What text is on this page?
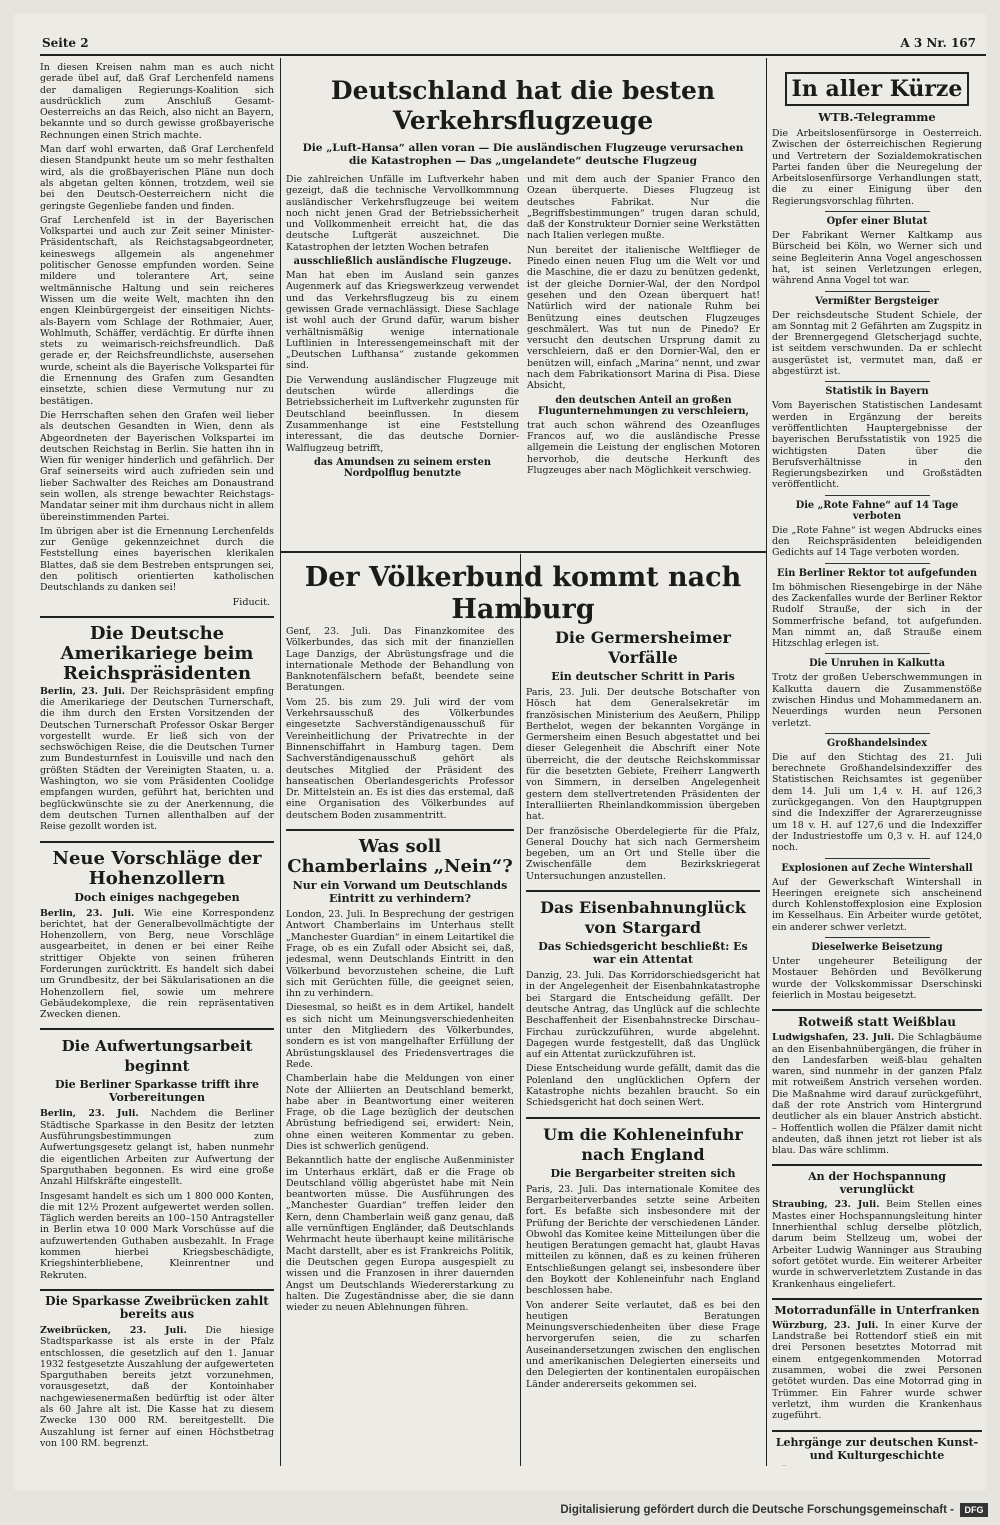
Seite 2	A 3 Nr. 167

In diesen Kreisen nahm man es auch nicht gerade übel auf, daß Graf Lerchenfeld namens der damaligen Regierungs-Koalition sich ausdrücklich zum Anschluß Gesamt-Oesterreichs an das Reich, also nicht an Bayern, bekannte und so durch gewisse großbayerische Rechnungen einen Strich machte.

Man darf wohl erwarten, daß Graf Lerchenfeld diesen Standpunkt heute um so mehr festhalten wird, als die großbayerischen Pläne nun doch als abgetan gelten können, trotzdem, weil sie bei den Deutsch-Oesterreichern nicht die geringste Gegenliebe fanden und finden.

Graf Lerchenfeld ist in der Bayerischen Volkspartei und auch zur Zeit seiner Minister-Präsidentschaft, als Reichstagsabgeordneter, keineswegs allgemein als angenehmer politischer Genosse empfunden worden. Seine mildere und tolerantere Art, seine weltmännische Haltung und sein reicheres Wissen um die weite Welt, machten ihn den engen Kleinbürgergeist der einseitigen Nichts-als-Bayern vom Schlage der Rothmaier, Auer, Wohlmuth, Schäffer, verdächtig. Er dürfte ihnen stets zu weimarisch-reichsfreundlich. Daß gerade er, der Reichsfreundlichste, ausersehen wurde, scheint als die Bayerische Volkspartei für die Ernennung des Grafen zum Gesandten einsetzte, schien diese Vermutung nur zu bestätigen.

Die Herrschaften sehen den Grafen weil lieber als deutschen Gesandten in Wien, denn als Abgeordneten der Bayerischen Volkspartei im deutschen Reichstag in Berlin. Sie hatten ihn in Wien für weniger hinderlich und gefährlich. Der Graf seinerseits wird auch zufrieden sein und lieber Sachwalter des Reiches am Donaustrand sein wollen, als strenge bewachter Reichstags-Mandatar seiner mit ihm durchaus nicht in allem übereinstimmenden Partei.

Im übrigen aber ist die Ernennung Lerchenfelds zur Genüge gekennzeichnet durch die Feststellung eines bayerischen klerikalen Blattes, daß sie dem Bestreben entsprungen sei, den politisch orientierten katholischen Deutschlands zu danken sei!

Fiducit.
Die Deutsche Amerikariege beim Reichspräsidenten

Berlin, 23. Juli. Der Reichspräsident empfing die Amerikariege der Deutschen Turnerschaft, die ihm durch den Ersten Vorsitzenden der Deutschen Turnerschaft Professor Oskar Berger vorgestellt wurde. Er ließ sich von der sechswöchigen Reise, die die Deutschen Turner zum Bundesturnfest in Louisville und nach den größten Städten der Vereinigten Staaten, u. a. Washington, wo sie vom Präsidenten Coolidge empfangen wurden, geführt hat, berichten und beglückwünschte sie zu der Anerkennung, die dem deutschen Turnen allenthalben auf der Reise gezollt worden ist.

Neue Vorschläge der Hohenzollern
Doch einiges nachgegeben

Berlin, 23. Juli. Wie eine Korrespondenz berichtet, hat der Generalbevollmächtigte der Hohenzollern, von Berg, neue Vorschläge ausgearbeitet, in denen er bei einer Reihe strittiger Objekte von seinen früheren Forderungen zurücktritt. Es handelt sich dabei um Grundbesitz, der bei Säkularisationen an die Hohenzollern fiel, sowie um mehrere Gebäudekomplexe, die rein repräsentativen Zwecken dienen.

Die Aufwertungsarbeit beginnt
Die Berliner Sparkasse trifft ihre Vorbereitungen

Berlin, 23. Juli. Nachdem die Berliner Städtische Sparkasse in den Besitz der letzten Ausführungsbestimmungen zum Aufwertungsgesetz gelangt ist, haben nunmehr die eigentlichen Arbeiten zur Aufwertung der Sparguthaben begonnen. Es wird eine große Anzahl Hilfskräfte eingestellt.

Insgesamt handelt es sich um 1 800 000 Konten, die mit 12½ Prozent aufgewertet werden sollen. Täglich werden bereits an 100–150 Antragsteller in Berlin etwa 10 000 Mark Vorschüsse auf die aufzuwertenden Guthaben ausbezahlt. In Frage kommen hierbei Kriegsbeschädigte, Kriegshinterbliebene, Kleinrentner und Rekruten.

Die Sparkasse Zweibrücken zahlt bereits aus

Zweibrücken, 23. Juli. Die hiesige Stadtsparkasse ist als erste in der Pfalz entschlossen, die gesetzlich auf den 1. Januar 1932 festgesetzte Auszahlung der aufgewerteten Sparguthaben bereits jetzt vorzunehmen, vorausgesetzt, daß der Kontoinhaber nachgewiesenermaßen bedürftig ist oder älter als 60 Jahre alt ist. Die Kasse hat zu diesem Zwecke 130 000 RM. bereitgestellt. Die Auszahlung ist ferner auf einen Höchstbetrag von 100 RM. begrenzt.

Deutschland hat die besten Verkehrsflugzeuge
Die „Luft-Hansa“ allen voran — Die ausländischen Flugzeuge verursachen die Katastrophen — Das „ungelandete“ deutsche Flugzeug

Die zahlreichen Unfälle im Luftverkehr haben gezeigt, daß die technische Vervollkommnung ausländischer Verkehrsflugzeuge bei weitem noch nicht jenen Grad der Betriebssicherheit und Vollkommenheit erreicht hat, die das deutsche Luftgerät auszeichnet. Die Katastrophen der letzten Wochen betrafen

ausschließlich ausländische Flugzeuge.

Man hat eben im Ausland sein ganzes Augenmerk auf das Kriegswerkzeug verwendet und das Verkehrsflugzeug bis zu einem gewissen Grade vernachlässigt. Diese Sachlage ist wohl auch der Grund dafür, warum bisher verhältnismäßig wenige internationale Luftlinien in Interessengemeinschaft mit der „Deutschen Lufthansa“ zustande gekommen sind.

Die Verwendung ausländischer Flugzeuge mit deutschen würde allerdings die Betriebssicherheit im Luftverkehr zugunsten für Deutschland beeinflussen. In diesem Zusammenhange ist eine Feststellung interessant, die das deutsche Dornier-Walflugzeug betrifft,

das Amundsen zu seinem ersten Nordpolflug benutzte

und mit dem auch der Spanier Franco den Ozean überquerte. Dieses Flugzeug ist deutsches Fabrikat. Nur die „Begriffsbestimmungen“ trugen daran schuld, daß der Konstrukteur Dornier seine Werkstätten nach Italien verlegen mußte.

Nun bereitet der italienische Weltflieger de Pinedo einen neuen Flug um die Welt vor und die Maschine, die er dazu zu benützen gedenkt, ist der gleiche Dornier-Wal, der den Nordpol gesehen und den Ozean überquert hat! Natürlich wird der nationale Ruhm bei Benützung eines deutschen Flugzeuges geschmälert. Was tut nun de Pinedo? Er versucht den deutschen Ursprung damit zu verschleiern, daß er den Dornier-Wal, den er benützen will, einfach „Marina“ nennt, und zwar nach dem Fabrikationsort Marina di Pisa. Diese Absicht,

den deutschen Anteil an großen Flugunternehmungen zu verschleiern,

trat auch schon während des Ozeanfluges Francos auf, wo die ausländische Presse allgemein die Leistung der englischen Motoren hervorhob, die deutsche Herkunft des Flugzeuges aber nach Möglichkeit verschwieg.

Der Völkerbund kommt nach Hamburg

Genf, 23. Juli. Das Finanzkomitee des Völkerbundes, das sich mit der finanziellen Lage Danzigs, der Abrüstungsfrage und die internationale Methode der Behandlung von Banknotenfälschern befaßt, beendete seine Beratungen.

Vom 25. bis zum 29. Juli wird der vom Verkehrsausschuß des Völkerbundes eingesetzte Sachverständigenausschuß für Vereinheitlichung der Privatrechte in der Binnenschiffahrt in Hamburg tagen. Dem Sachverständigenausschuß gehört als deutsches Mitglied der Präsident des hanseatischen Oberlandesgerichts Professor Dr. Mittelstein an. Es ist dies das erstemal, daß eine Organisation des Völkerbundes auf deutschem Boden zusammentritt.

Was soll Chamberlains „Nein“?
Nur ein Vorwand um Deutschlands Eintritt zu verhindern?

London, 23. Juli. In Besprechung der gestrigen Antwort Chamberlains im Unterhaus stellt „Manchester Guardian“ in einem Leitartikel die Frage, ob es ein Zufall oder Absicht sei, daß, jedesmal, wenn Deutschlands Eintritt in den Völkerbund bevorzustehen scheine, die Luft sich mit Gerüchten fülle, die geeignet seien, ihn zu verhindern.

Diesesmal, so heißt es in dem Artikel, handelt es sich nicht um Meinungsverschiedenheiten unter den Mitgliedern des Völkerbundes, sondern es ist von mangelhafter Erfüllung der Abrüstungsklausel des Friedensvertrages die Rede.

Chamberlain habe die Meldungen von einer Note der Alliierten an Deutschland bemerkt, habe aber in Beantwortung einer weiteren Frage, ob die Lage bezüglich der deutschen Abrüstung befriedigend sei, erwidert: Nein, ohne einen weiteren Kommentar zu geben. Dies ist schwerlich genügend.

Bekanntlich hatte der englische Außenminister im Unterhaus erklärt, daß er die Frage ob Deutschland völlig abgerüstet habe mit Nein beantworten müsse. Die Ausführungen des „Manchester Guardian“ treffen leider den Kern, denn Chamberlain weiß ganz genau, daß alle vernünftigen Engländer, daß Deutschlands Wehrmacht heute überhaupt keine militärische Macht darstellt, aber es ist Frankreichs Politik, die Deutschen gegen Europa ausgespielt zu wissen und die Franzosen in ihrer dauernden Angst um Deutschlands Wiedererstarkung zu halten. Die Zugeständnisse aber, die sie dann wieder zu neuen Ablehnungen führen.

Die Germersheimer Vorfälle
Ein deutscher Schritt in Paris

Paris, 23. Juli. Der deutsche Botschafter von Hösch hat dem Generalsekretär im französischen Ministerium des Aeußern, Philipp Berthelot, wegen der bekannten Vorgänge in Germersheim einen Besuch abgestattet und bei dieser Gelegenheit die Abschrift einer Note überreicht, die der deutsche Reichskommissar für die besetzten Gebiete, Freiherr Langwerth von Simmern, in derselben Angelegenheit gestern dem stellvertretenden Präsidenten der Interalliierten Rheinlandkommission übergeben hat.

Der französische Oberdelegierte für die Pfalz, General Douchy hat sich nach Germersheim begeben, um an Ort und Stelle über die Zwischenfälle dem Bezirkskriegerat Untersuchungen anzustellen.

Das Eisenbahnunglück von Stargard
Das Schiedsgericht beschließt: Es war ein Attentat

Danzig, 23. Juli. Das Korridorschiedsgericht hat in der Angelegenheit der Eisenbahnkatastrophe bei Stargard die Entscheidung gefällt. Der deutsche Antrag, das Unglück auf die schlechte Beschaffenheit der Eisenbahnstrecke Dirschau–Firchau zurückzuführen, wurde abgelehnt. Dagegen wurde festgestellt, daß das Unglück auf ein Attentat zurückzuführen ist.

Diese Entscheidung wurde gefällt, damit das die Polenland den unglücklichen Opfern der Katastrophe nichts bezahlen braucht. So ein Schiedsgericht hat doch seinen Wert.

Um die Kohleneinfuhr nach England
Die Bergarbeiter streiten sich

Paris, 23. Juli. Das internationale Komitee des Bergarbeiterverbandes setzte seine Arbeiten fort. Es befaßte sich insbesondere mit der Prüfung der Berichte der verschiedenen Länder. Obwohl das Komitee keine Mitteilungen über die heutigen Beratungen gemacht hat, glaubt Havas mitteilen zu können, daß es zu keinen früheren Entschließungen gelangt sei, insbesondere über den Boykott der Kohleneinfuhr nach England beschlossen habe.

Von anderer Seite verlautet, daß es bei den heutigen Beratungen Meinungsverschiedenheiten über diese Frage hervorgerufen seien, die zu scharfen Auseinandersetzungen zwischen den englischen und amerikanischen Delegierten einerseits und den Delegierten der kontinentalen europäischen Länder andererseits gekommen sei.

In aller Kürze
WTB.-Telegramme

Die Arbeitslosenfürsorge in Oesterreich. Zwischen der österreichischen Regierung und Vertretern der Sozialdemokratischen Partei fanden über die Neuregelung der Arbeitslosenfürsorge Verhandlungen statt, die zu einer Einigung über den Regierungsvorschlag führten.

Opfer einer Blutat

Der Fabrikant Werner Kaltkamp aus Bürscheid bei Köln, wo Werner sich und seine Begleiterin Anna Vogel angeschossen hat, ist seinen Verletzungen erlegen, während Anna Vogel tot war.

Vermißter Bergsteiger

Der reichsdeutsche Student Schiele, der am Sonntag mit 2 Gefährten am Zugspitz in der Brennergegend Gletscherjagd suchte, ist seitdem verschwunden. Da er schlecht ausgerüstet ist, vermutet man, daß er abgestürzt ist.

Statistik in Bayern

Vom Bayerischen Statistischen Landesamt werden in Ergänzung der bereits veröffentlichten Hauptergebnisse der bayerischen Berufsstatistik von 1925 die wichtigsten Daten über die Berufsverhältnisse in den Regierungsbezirken und Großstädten veröffentlicht.

Die „Rote Fahne“ auf 14 Tage verboten

Die „Rote Fahne“ ist wegen Abdrucks eines den Reichspräsidenten beleidigenden Gedichts auf 14 Tage verboten worden.

Ein Berliner Rektor tot aufgefunden

Im böhmischen Riesengebirge in der Nähe des Zackenfalles wurde der Berliner Rektor Rudolf Strauße, der sich in der Sommerfrische befand, tot aufgefunden. Man nimmt an, daß Strauße einem Hitzschlag erlegen ist.

Die Unruhen in Kalkutta

Trotz der großen Ueberschwemmungen in Kalkutta dauern die Zusammenstöße zwischen Hindus und Mohammedanern an. Neuerdings wurden neun Personen verletzt.

Großhandelsindex

Die auf den Stichtag des 21. Juli berechnete Großhandelsindexziffer des Statistischen Reichsamtes ist gegenüber dem 14. Juli um 1,4 v. H. auf 126,3 zurückgegangen. Von den Hauptgruppen sind die Indexziffer der Agrarerzeugnisse um 18 v. H. auf 127,6 und die Indexziffer der Industriestoffe um 0,3 v. H. auf 124,0 noch.

Explosionen auf Zeche Wintershall

Auf der Gewerkschaft Wintershall in Heeringen ereignete sich anscheinend durch Kohlenstoffexplosion eine Explosion im Kesselhaus. Ein Arbeiter wurde getötet, ein anderer schwer verletzt.

Dieselwerke Beisetzung

Unter ungeheurer Beteiligung der Mostauer Behörden und Bevölkerung wurde der Volkskommissar Dserschinski feierlich in Mostau beigesetzt.

Rotweiß statt Weißblau

Ludwigshafen, 23. Juli. Die Schlagbäume an den Eisenbahnübergängen, die früher in den Landesfarben weiß-blau gehalten waren, sind nunmehr in der ganzen Pfalz mit rotweißem Anstrich versehen worden. Die Maßnahme wird darauf zurückgeführt, daß der rote Anstrich vom Hintergrund deutlicher als ein blauer Anstrich absticht. – Hoffentlich wollen die Pfälzer damit nicht andeuten, daß ihnen jetzt rot lieber ist als blau. Das wäre schlimm.

An der Hochspannung verunglückt

Straubing, 23. Juli. Beim Stellen eines Mastes einer Hochspannungsleitung hinter Innerhienthal schlug derselbe plötzlich, darum beim Stellzeug um, wobei der Arbeiter Ludwig Wanninger aus Straubing sofort getötet wurde. Ein weiterer Arbeiter wurde in schwerverletztem Zustande in das Krankenhaus eingeliefert.

Motorradunfälle in Unterfranken

Würzburg, 23. Juli. In einer Kurve der Landstraße bei Rottendorf stieß ein mit drei Personen besetztes Motorrad mit einem entgegenkommenden Motorrad zusammen, wobei die zwei Personen getötet wurden. Das eine Motorrad ging in Trümmer. Ein Fahrer wurde schwer verletzt, ihm wurden die Krankenhaus zugeführt.

Lehrgänge zur deutschen Kunst- und Kulturgeschichte

Digitalisierung gefördert durch die Deutsche Forschungsgemeinschaft -	DFG
